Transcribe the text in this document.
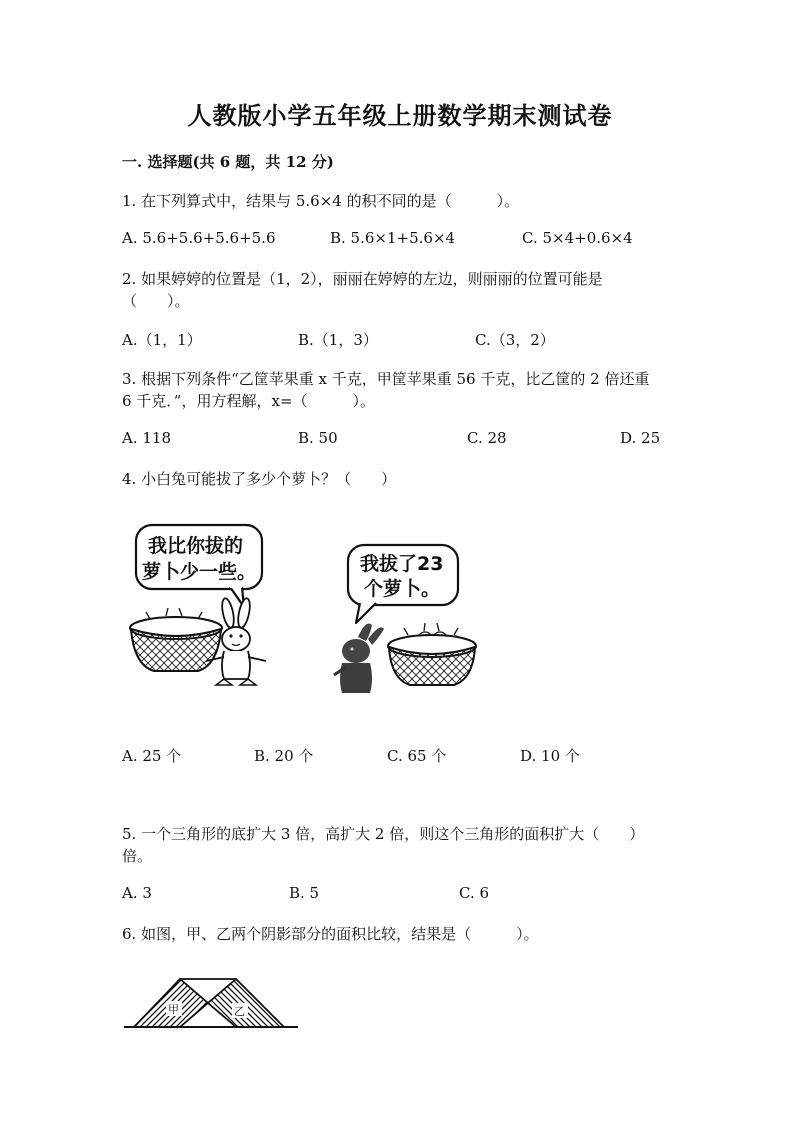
人教版小学五年级上册数学期末测试卷
一. 选择题(共 6 题，共 12 分)
1. 在下列算式中，结果与 5.6×4 的积不同的是（　　　）。
A. 5.6+5.6+5.6+5.6	B. 5.6×1+5.6×4	C. 5×4+0.6×4
2. 如果婷婷的位置是（1，2），丽丽在婷婷的左边，则丽丽的位置可能是
（　　）。
A.（1，1）	B.（1，3）	C.（3，2）
3. 根据下列条件“乙筐苹果重 x 千克，甲筐苹果重 56 千克，比乙筐的 2 倍还重
6 千克．”，用方程解，x=（　　　）。
A. 118	B. 50	C. 28	D. 25
4. 小白兔可能拔了多少个萝卜？（　　）
我比你拔的
萝卜少一些。	我拔了23
个萝卜。
A. 25 个	B. 20 个	C. 65 个	D. 10 个
5. 一个三角形的底扩大 3 倍，高扩大 2 倍，则这个三角形的面积扩大（　　）
倍。
A. 3	B. 5	C. 6
6. 如图，甲、乙两个阴影部分的面积比较，结果是（　　　）。
甲	乙
